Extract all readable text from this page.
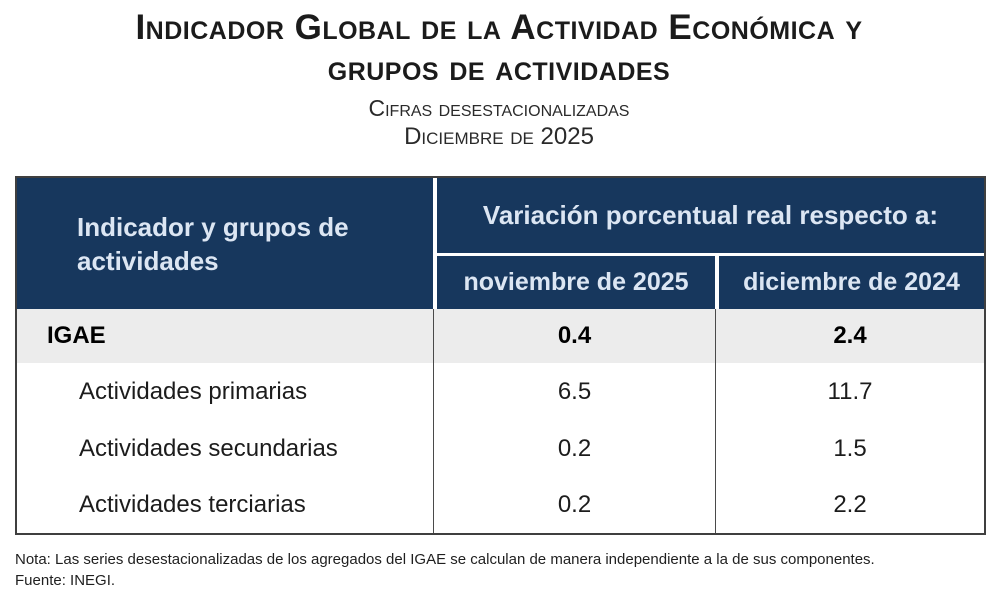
Indicador Global de la Actividad Económica y
grupos de actividades
Cifras desestacionalizadas
Diciembre de 2025
Indicador y grupos de actividades
Variación porcentual real respecto a:
noviembre de 2025	diciembre de 2024
IGAE	0.4	2.4
Actividades primarias	6.5	11.7
Actividades secundarias	0.2	1.5
Actividades terciarias	0.2	2.2
Nota: Las series desestacionalizadas de los agregados del IGAE se calculan de manera independiente a la de sus componentes.
Fuente: INEGI.
